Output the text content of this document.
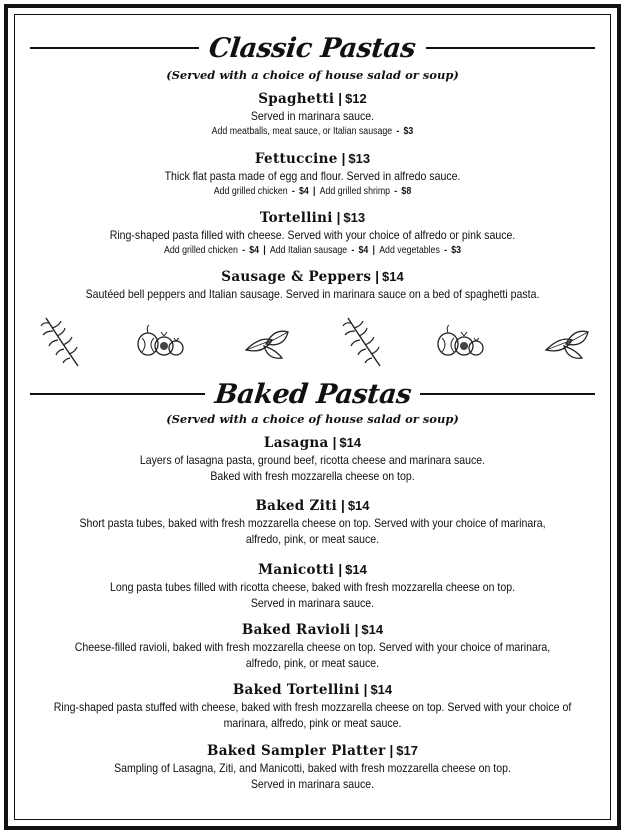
Classic Pastas
(Served with a choice of house salad or soup)
Spaghetti | $12
Served in marinara sauce.
Add meatballs, meat sauce, or Italian sausage - $3
Fettuccine | $13
Thick flat pasta made of egg and flour. Served in alfredo sauce.
Add grilled chicken - $4 | Add grilled shrimp - $8
Tortellini | $13
Ring-shaped pasta filled with cheese. Served with your choice of alfredo or pink sauce.
Add grilled chicken - $4 | Add Italian sausage - $4 | Add vegetables - $3
Sausage & Peppers | $14
Sautéed bell peppers and Italian sausage. Served in marinara sauce on a bed of spaghetti pasta.
Baked Pastas
(Served with a choice of house salad or soup)
Lasagna | $14
Layers of lasagna pasta, ground beef, ricotta cheese and marinara sauce.
Baked with fresh mozzarella cheese on top.
Baked Ziti | $14
Short pasta tubes, baked with fresh mozzarella cheese on top. Served with your choice of marinara,
alfredo, pink, or meat sauce.
Manicotti | $14
Long pasta tubes filled with ricotta cheese, baked with fresh mozzarella cheese on top.
Served in marinara sauce.
Baked Ravioli | $14
Cheese-filled ravioli, baked with fresh mozzarella cheese on top. Served with your choice of marinara,
alfredo, pink, or meat sauce.
Baked Tortellini | $14
Ring-shaped pasta stuffed with cheese, baked with fresh mozzarella cheese on top. Served with your choice of
marinara, alfredo, pink or meat sauce.
Baked Sampler Platter | $17
Sampling of Lasagna, Ziti, and Manicotti, baked with fresh mozzarella cheese on top.
Served in marinara sauce.
